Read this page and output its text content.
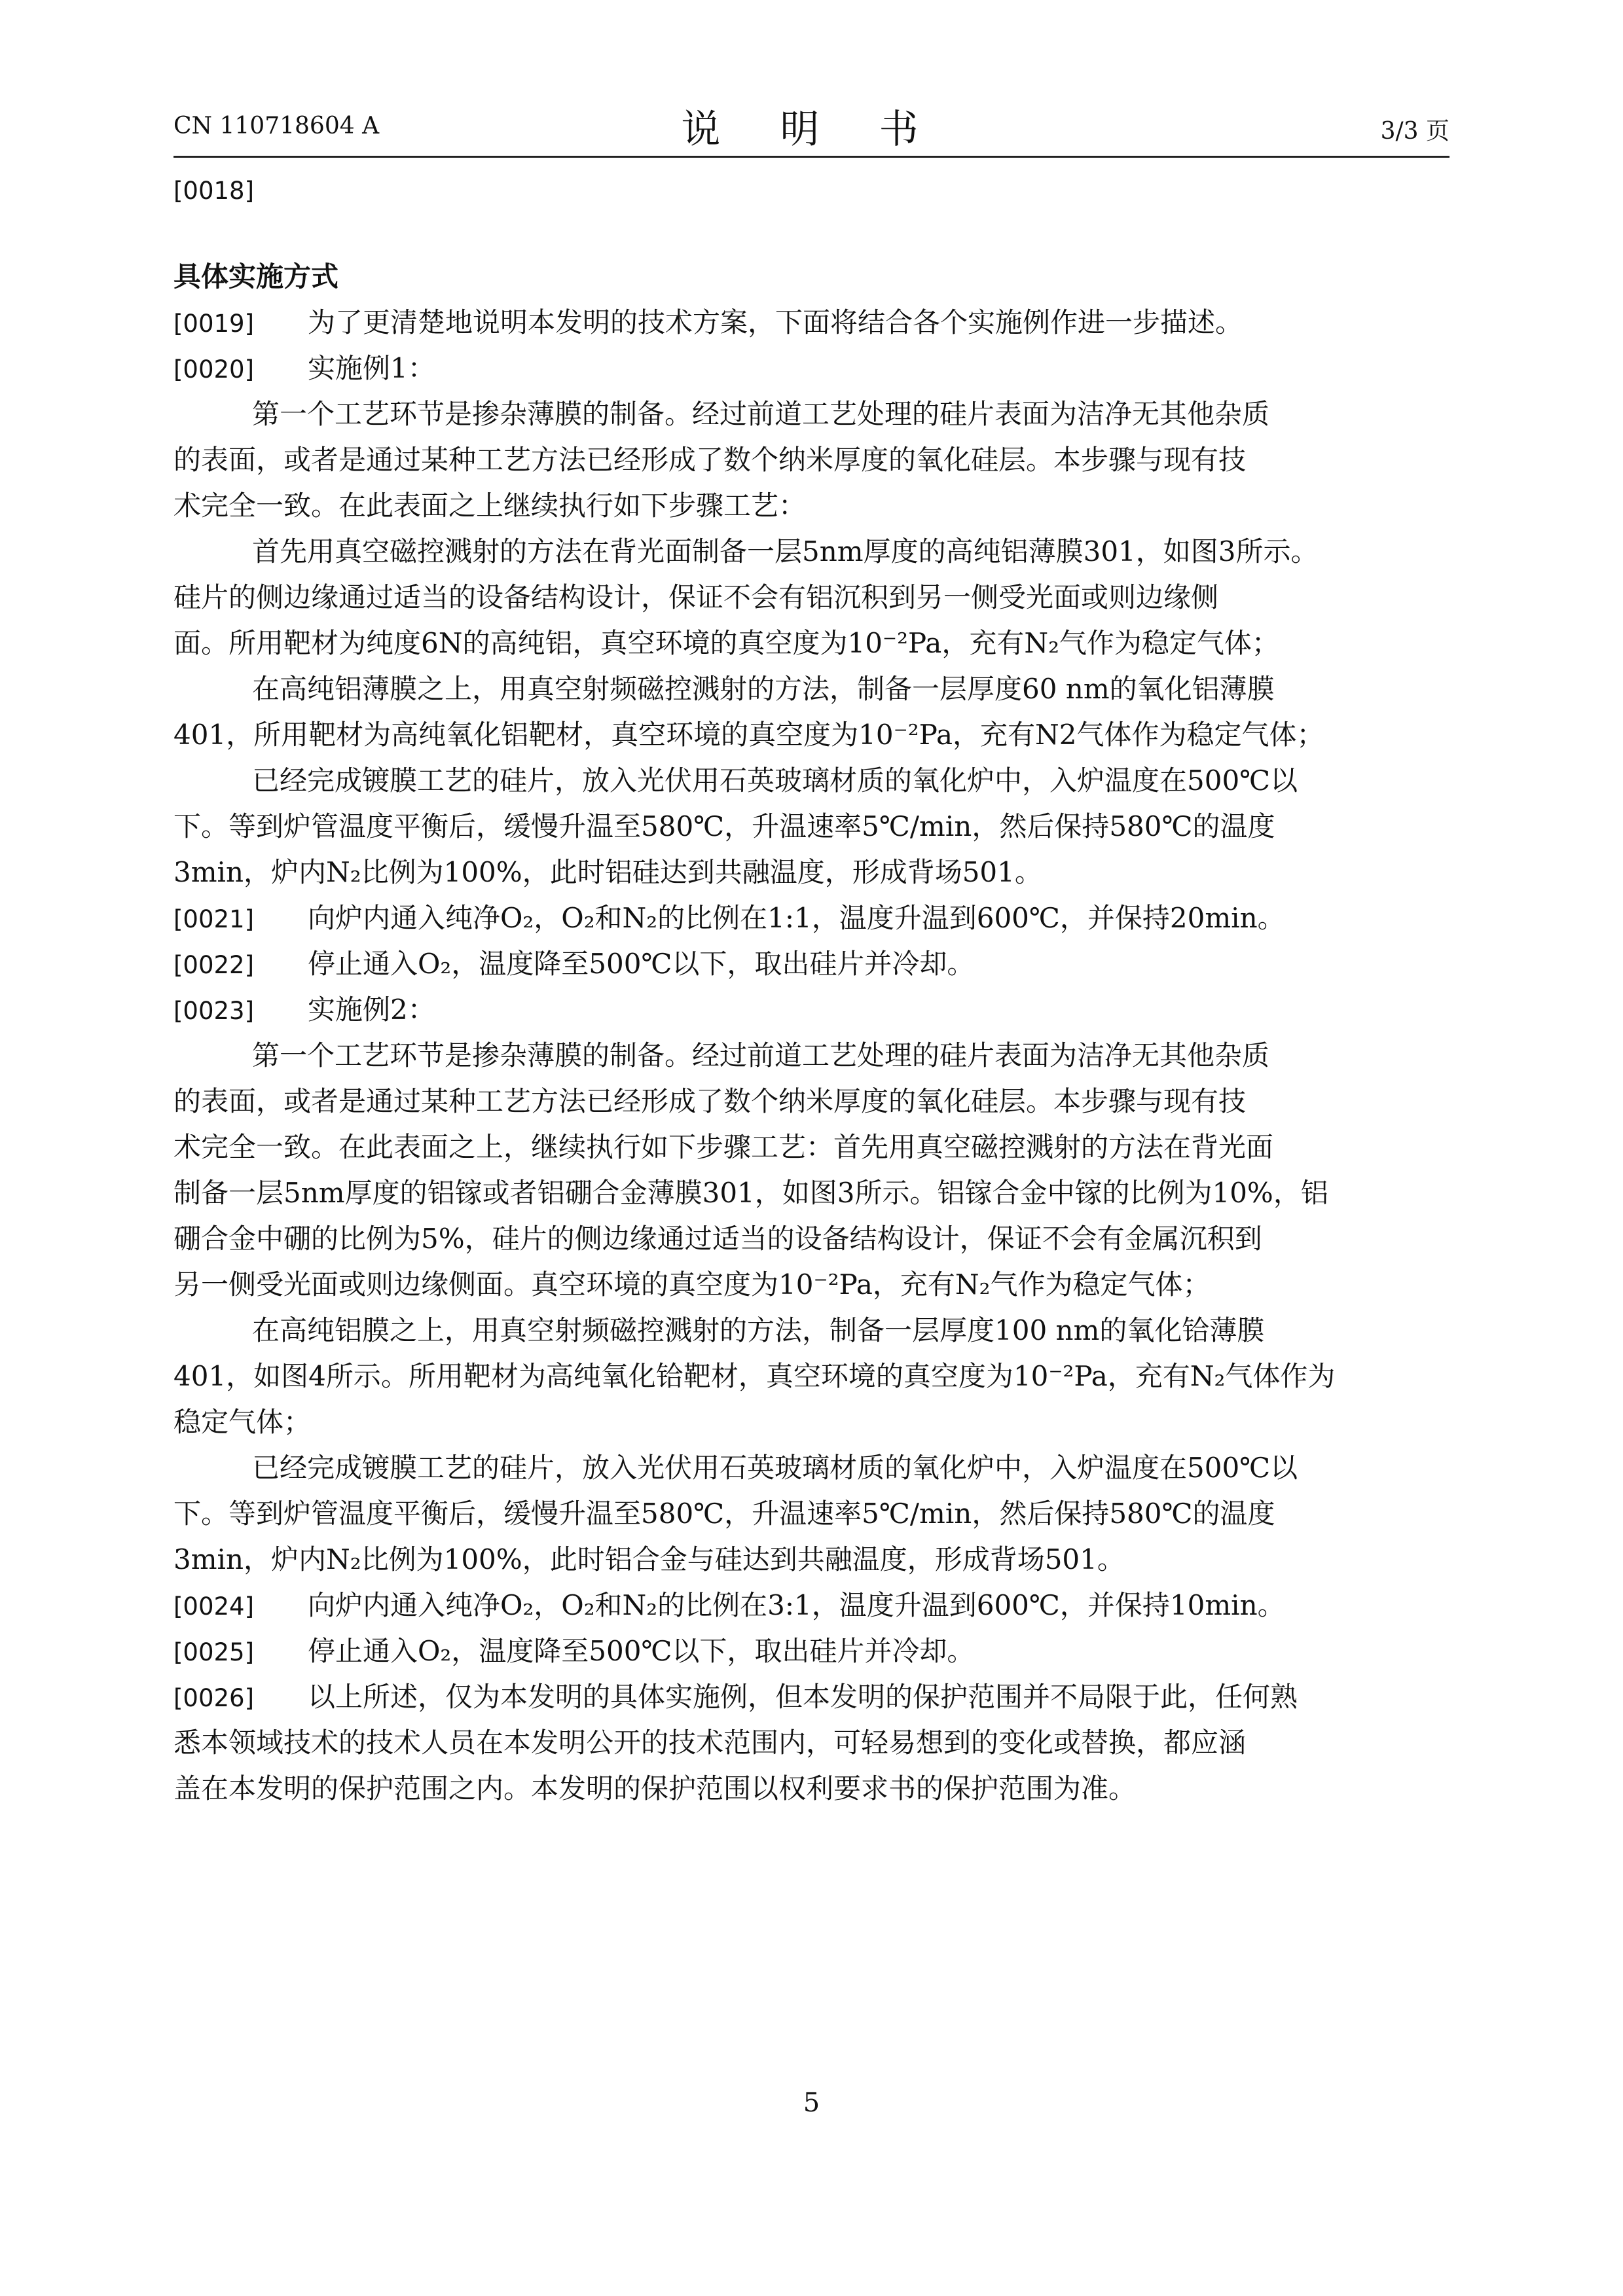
CN 110718604 A	说 明 书	3/3 页
[0018]
具体实施方式
[0019] 为了更清楚地说明本发明的技术方案，下面将结合各个实施例作进一步描述。
[0020] 实施例1：
第一个工艺环节是掺杂薄膜的制备。经过前道工艺处理的硅片表面为洁净无其他杂质
的表面，或者是通过某种工艺方法已经形成了数个纳米厚度的氧化硅层。本步骤与现有技
术完全一致。在此表面之上继续执行如下步骤工艺：
首先用真空磁控溅射的方法在背光面制备一层5nm厚度的高纯铝薄膜301，如图3所示。
硅片的侧边缘通过适当的设备结构设计，保证不会有铝沉积到另一侧受光面或则边缘侧
面。所用靶材为纯度6N的高纯铝，真空环境的真空度为10⁻²Pa，充有N₂气作为稳定气体；
在高纯铝薄膜之上，用真空射频磁控溅射的方法，制备一层厚度60 nm的氧化铝薄膜
401，所用靶材为高纯氧化铝靶材，真空环境的真空度为10⁻²Pa，充有N2气体作为稳定气体；
已经完成镀膜工艺的硅片，放入光伏用石英玻璃材质的氧化炉中，入炉温度在500℃以
下。等到炉管温度平衡后，缓慢升温至580℃，升温速率5℃/min，然后保持580℃的温度
3min，炉内N₂比例为100%，此时铝硅达到共融温度，形成背场501。
[0021] 向炉内通入纯净O₂，O₂和N₂的比例在1:1，温度升温到600℃，并保持20min。
[0022] 停止通入O₂，温度降至500℃以下，取出硅片并冷却。
[0023] 实施例2：
第一个工艺环节是掺杂薄膜的制备。经过前道工艺处理的硅片表面为洁净无其他杂质
的表面，或者是通过某种工艺方法已经形成了数个纳米厚度的氧化硅层。本步骤与现有技
术完全一致。在此表面之上，继续执行如下步骤工艺：首先用真空磁控溅射的方法在背光面
制备一层5nm厚度的铝镓或者铝硼合金薄膜301，如图3所示。铝镓合金中镓的比例为10%，铝
硼合金中硼的比例为5%，硅片的侧边缘通过适当的设备结构设计，保证不会有金属沉积到
另一侧受光面或则边缘侧面。真空环境的真空度为10⁻²Pa，充有N₂气作为稳定气体；
在高纯铝膜之上，用真空射频磁控溅射的方法，制备一层厚度100 nm的氧化铪薄膜
401，如图4所示。所用靶材为高纯氧化铪靶材，真空环境的真空度为10⁻²Pa，充有N₂气体作为
稳定气体；
已经完成镀膜工艺的硅片，放入光伏用石英玻璃材质的氧化炉中，入炉温度在500℃以
下。等到炉管温度平衡后，缓慢升温至580℃，升温速率5℃/min，然后保持580℃的温度
3min，炉内N₂比例为100%，此时铝合金与硅达到共融温度，形成背场501。
[0024] 向炉内通入纯净O₂，O₂和N₂的比例在3:1，温度升温到600℃，并保持10min。
[0025] 停止通入O₂，温度降至500℃以下，取出硅片并冷却。
[0026] 以上所述，仅为本发明的具体实施例，但本发明的保护范围并不局限于此，任何熟
悉本领域技术的技术人员在本发明公开的技术范围内，可轻易想到的变化或替换，都应涵
盖在本发明的保护范围之内。本发明的保护范围以权利要求书的保护范围为准。
5
